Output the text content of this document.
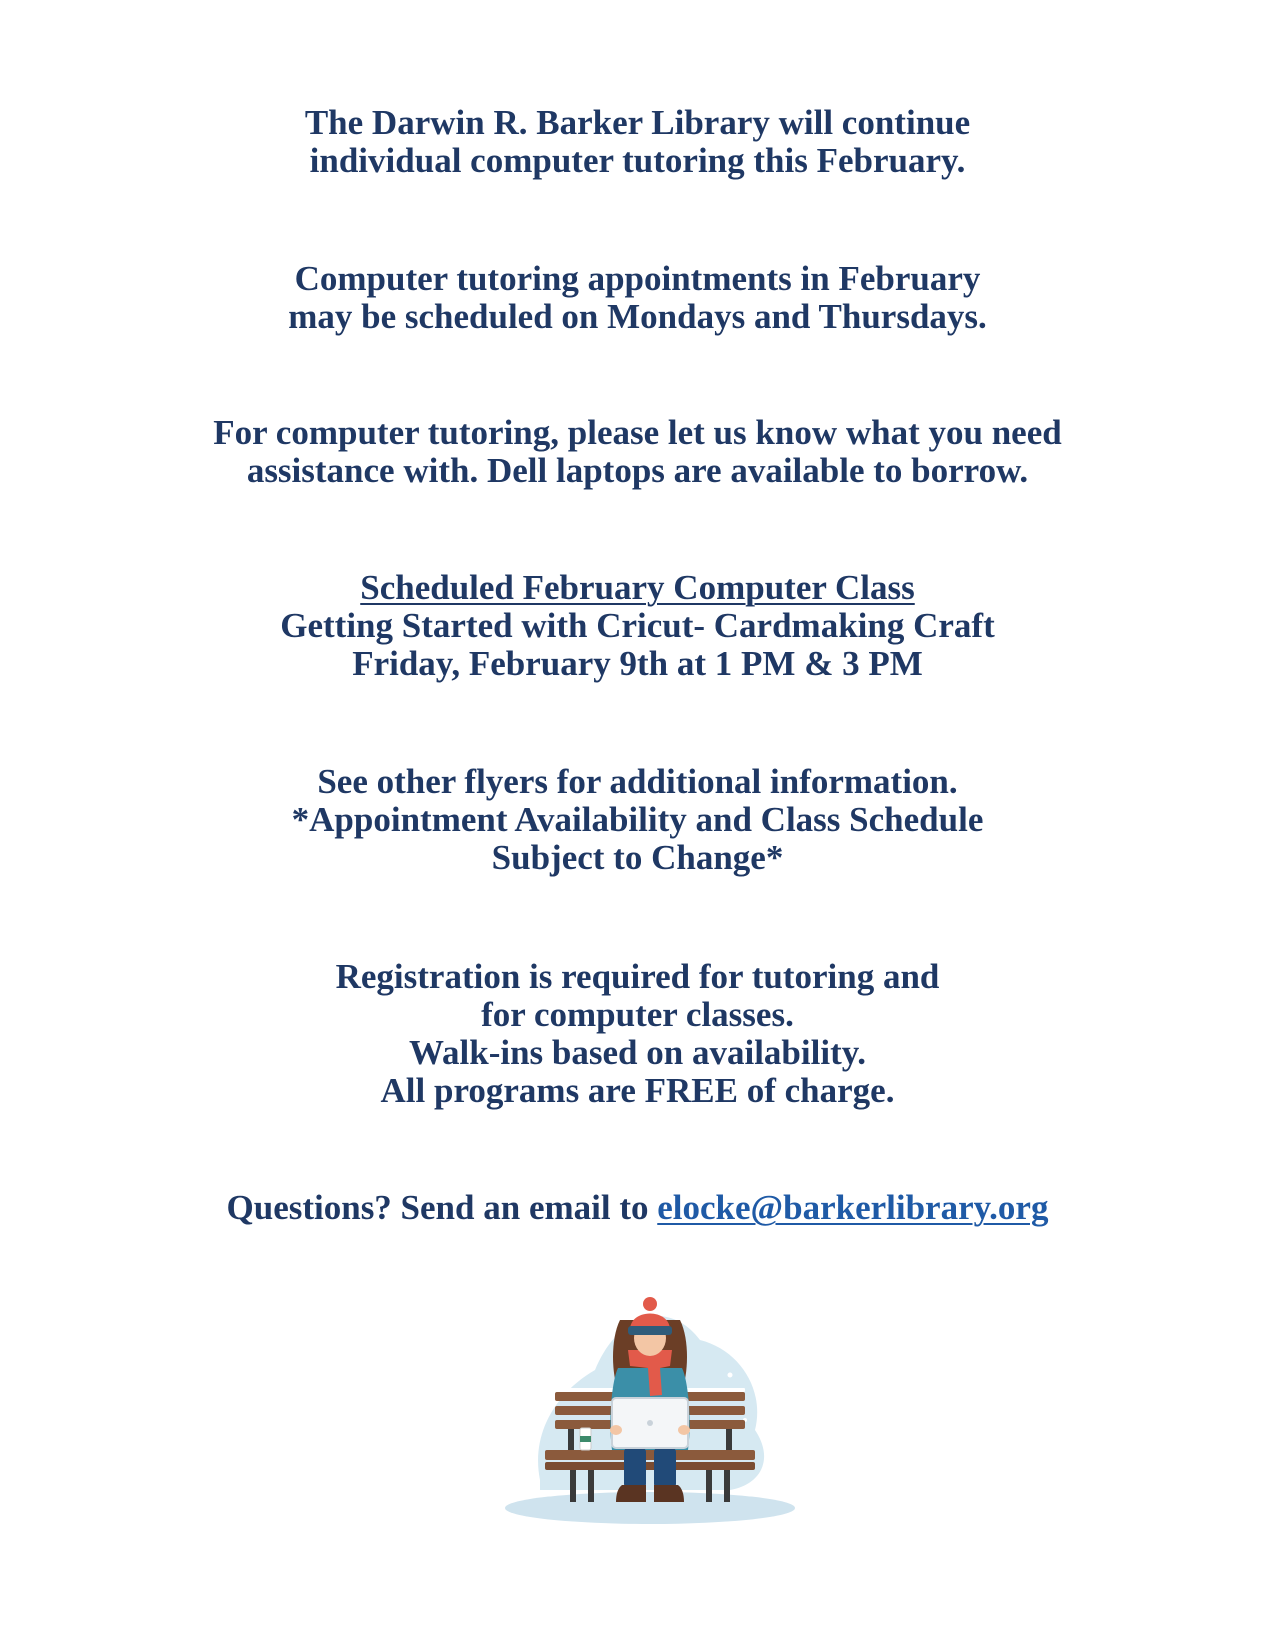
The Darwin R. Barker Library will continue
individual computer tutoring this February.
Computer tutoring appointments in February
may be scheduled on Mondays and Thursdays.
For computer tutoring, please let us know what you need
assistance with. Dell laptops are available to borrow.
Scheduled February Computer Class
Getting Started with Cricut- Cardmaking Craft
Friday, February 9th at 1 PM & 3 PM
See other flyers for additional information.
*Appointment Availability and Class Schedule
Subject to Change*
Registration is required for tutoring and
for computer classes.
Walk-ins based on availability.
All programs are FREE of charge.
Questions? Send an email to elocke@barkerlibrary.org
